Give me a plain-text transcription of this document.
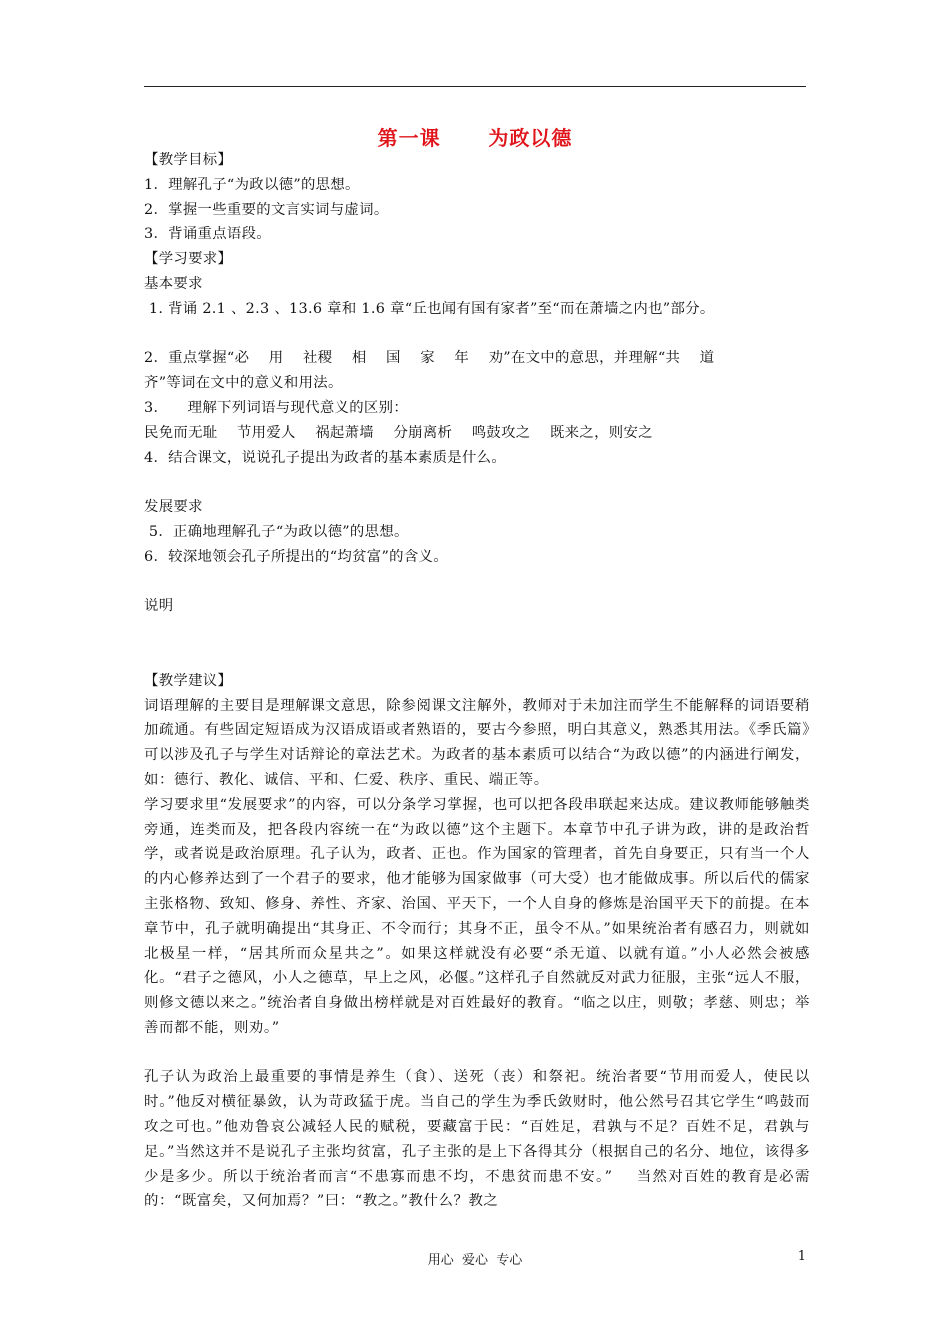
第一课      为政以德

【教学目标】

1．理解孔子“为政以德”的思想。

2．掌握一些重要的文言实词与虚词。

3．背诵重点语段。

【学习要求】

基本要求

1. 背诵 2.1 、2.3 、13.6 章和 1.6 章“丘也闻有国有家者”至“而在萧墙之内也”部分。

2．重点掌握“必    用    社稷    相    国    家    年    劝”在文中的意思，并理解“共    道

齐”等词在文中的意义和用法。

3．    理解下列词语与现代意义的区别：

民免而无耻    节用爱人    祸起萧墙    分崩离析    鸣鼓攻之    既来之，则安之

4．结合课文，说说孔子提出为政者的基本素质是什么。

发展要求

5．正确地理解孔子“为政以德”的思想。

6．较深地领会孔子所提出的“均贫富”的含义。

说明

【教学建议】

词语理解的主要目是理解课文意思，除参阅课文注解外，教师对于未加注而学生不能解释的词语要稍加疏通。有些固定短语成为汉语成语或者熟语的，要古今参照，明白其意义，熟悉其用法。《季氏篇》可以涉及孔子与学生对话辩论的章法艺术。为政者的基本素质可以结合“为政以德”的内涵进行阐发，如：德行、教化、诚信、平和、仁爱、秩序、重民、端正等。

学习要求里“发展要求”的内容，可以分条学习掌握，也可以把各段串联起来达成。建议教师能够触类旁通，连类而及，把各段内容统一在“为政以德”这个主题下。本章节中孔子讲为政，讲的是政治哲学，或者说是政治原理。孔子认为，政者、正也。作为国家的管理者，首先自身要正，只有当一个人的内心修养达到了一个君子的要求，他才能够为国家做事（可大受）也才能做成事。所以后代的儒家主张格物、致知、修身、养性、齐家、治国、平天下，一个人自身的修炼是治国平天下的前提。在本章节中，孔子就明确提出“其身正、不令而行；其身不正，虽令不从。”如果统治者有感召力，则就如北极星一样，“居其所而众星共之”。如果这样就没有必要“杀无道、以就有道。”小人必然会被感化。“君子之德风，小人之德草，早上之风，必偃。”这样孔子自然就反对武力征服，主张“远人不服，则修文德以来之。”统治者自身做出榜样就是对百姓最好的教育。“临之以庄，则敬；孝慈、则忠；举善而都不能，则劝。”

孔子认为政治上最重要的事情是养生（食）、送死（丧）和祭祀。统治者要“节用而爱人，使民以时。”他反对横征暴敛，认为苛政猛于虎。当自己的学生为季氏敛财时，他公然号召其它学生“鸣鼓而攻之可也。”他劝鲁哀公减轻人民的赋税，要藏富于民：“百姓足，君孰与不足？百姓不足，君孰与足。”当然这并不是说孔子主张均贫富，孔子主张的是上下各得其分（根据自己的名分、地位，该得多少是多少。所以于统治者而言“不患寡而患不均，不患贫而患不安。”    当然对百姓的教育是必需的：“既富矣，又何加焉？”曰：“教之。”教什么？教之

用心  爱心  专心	1
